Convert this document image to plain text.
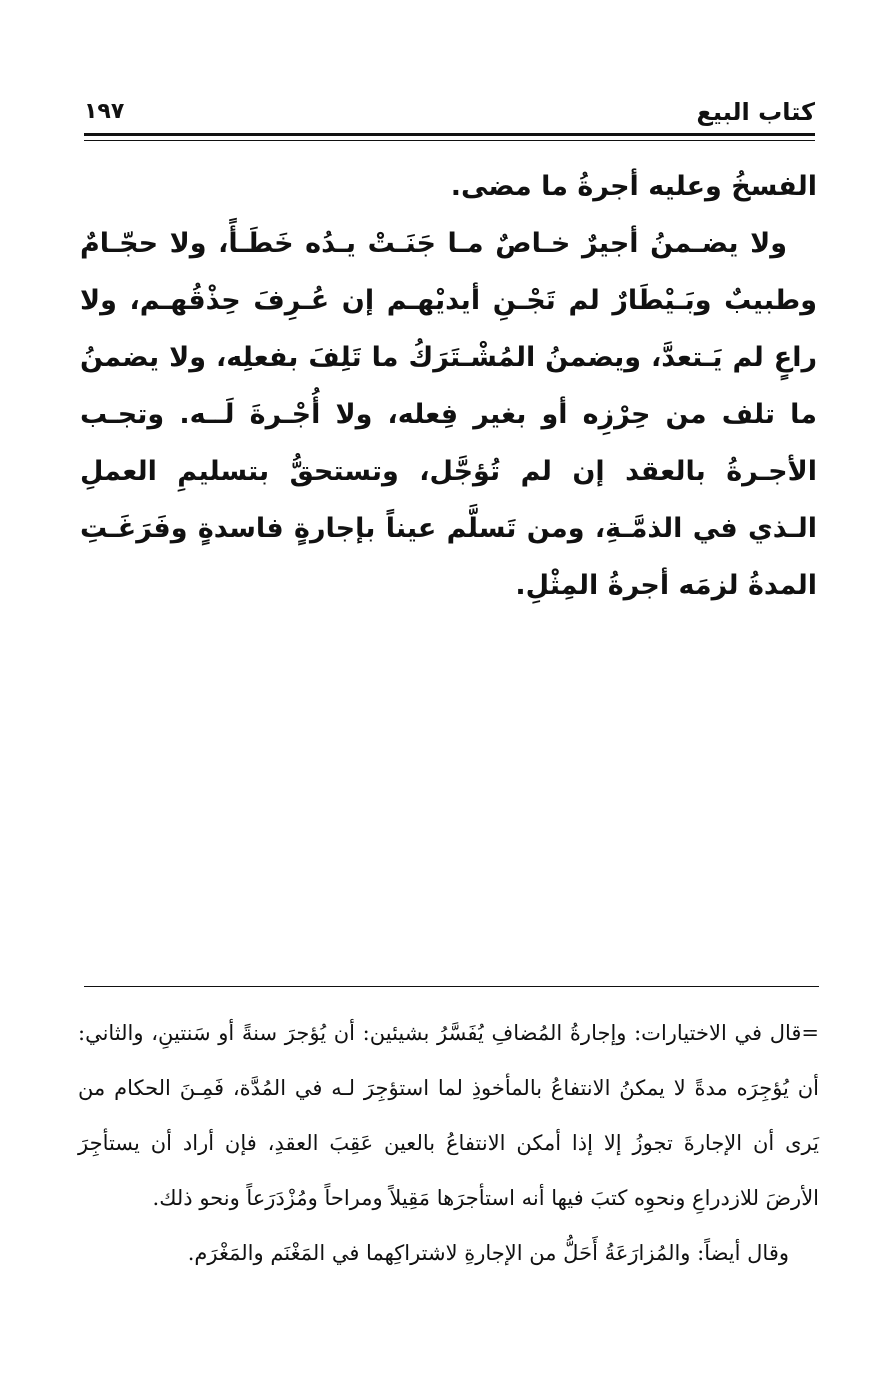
كتاب البيع
١٩٧

الفسخُ وعليه أجرةُ ما مضى.

ولا يضـمنُ أجيرٌ خـاصٌ مـا جَنَـتْ يـدُه خَطَـأً، ولا حجّـامٌ وطبيبٌ وبَـيْطَارٌ لم تَجْـنِ أيديْهـم إن عُـرِفَ حِذْقُهـم، ولا راعٍ لم يَـتعدَّ، ويضمنُ المُشْـتَرَكُ ما تَلِفَ بفعلِه، ولا يضمنُ ما تلف من حِرْزِه أو بغير فِعله، ولا أُجْـرةَ لَــه. وتجـب الأجـرةُ بالعقد إن لم تُؤجَّل، وتستحقُّ بتسليمِ العملِ الـذي في الذمَّـةِ، ومن تَسلَّم عيناً بإجارةٍ فاسدةٍ وفَرَغَـتِ المدةُ لزمَه أجرةُ المِثْلِ.

=قال في الاختيارات: وإجارةُ المُضافِ يُفَسَّرُ بشيئين: أن يُؤجرَ سنةً أو سَنتينِ، والثاني: أن يُؤجِرَه مدةً لا يمكنُ الانتفاعُ بالمأخوذِ لما استؤجِرَ لـه في المُدَّة، فَمِـنَ الحكام من يَرى أن الإجارةَ تجوزُ إلا إذا أمكن الانتفاعُ بالعين عَقِبَ العقدِ، فإن أراد أن يستأجِرَ الأرضَ للازدراعِ ونحوِه كتبَ فيها أنه استأجرَها مَقِيلاً ومراحاً ومُزْدَرَعاً ونحو ذلك.

وقال أيضاً: والمُزارَعَةُ أَحَلُّ من الإجارةِ لاشتراكِهما في المَغْنَم والمَغْرَم.
